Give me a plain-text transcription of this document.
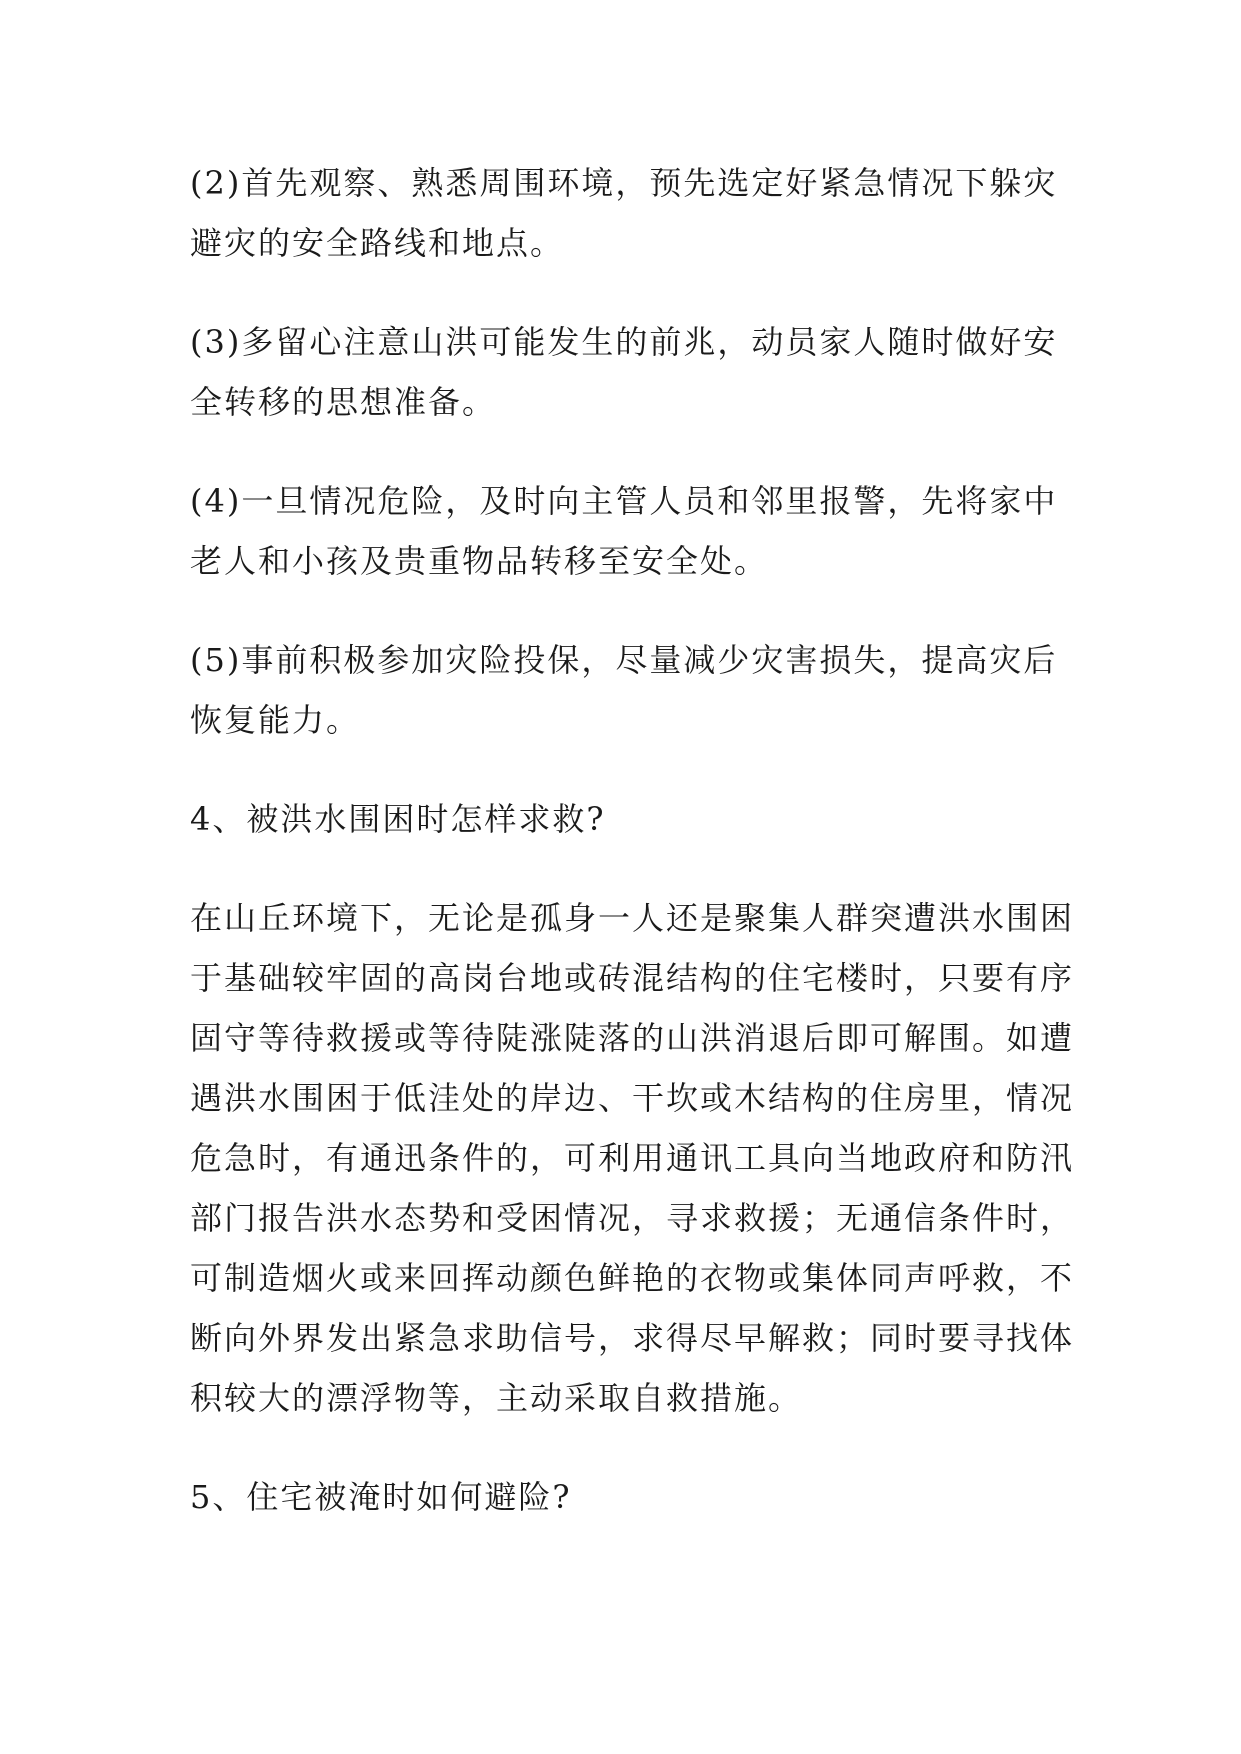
(2)首先观察、熟悉周围环境，预先选定好紧急情况下躲灾
避灾的安全路线和地点。

(3)多留心注意山洪可能发生的前兆，动员家人随时做好安
全转移的思想准备。

(4)一旦情况危险，及时向主管人员和邻里报警，先将家中
老人和小孩及贵重物品转移至安全处。

(5)事前积极参加灾险投保，尽量减少灾害损失，提高灾后
恢复能力。

4、被洪水围困时怎样求救?

在山丘环境下，无论是孤身一人还是聚集人群突遭洪水围困
于基础较牢固的高岗台地或砖混结构的住宅楼时，只要有序
固守等待救援或等待陡涨陡落的山洪消退后即可解围。如遭
遇洪水围困于低洼处的岸边、干坎或木结构的住房里，情况
危急时，有通迅条件的，可利用通讯工具向当地政府和防汛
部门报告洪水态势和受困情况，寻求救援；无通信条件时，
可制造烟火或来回挥动颜色鲜艳的衣物或集体同声呼救，不
断向外界发出紧急求助信号，求得尽早解救；同时要寻找体
积较大的漂浮物等，主动采取自救措施。

5、住宅被淹时如何避险?
